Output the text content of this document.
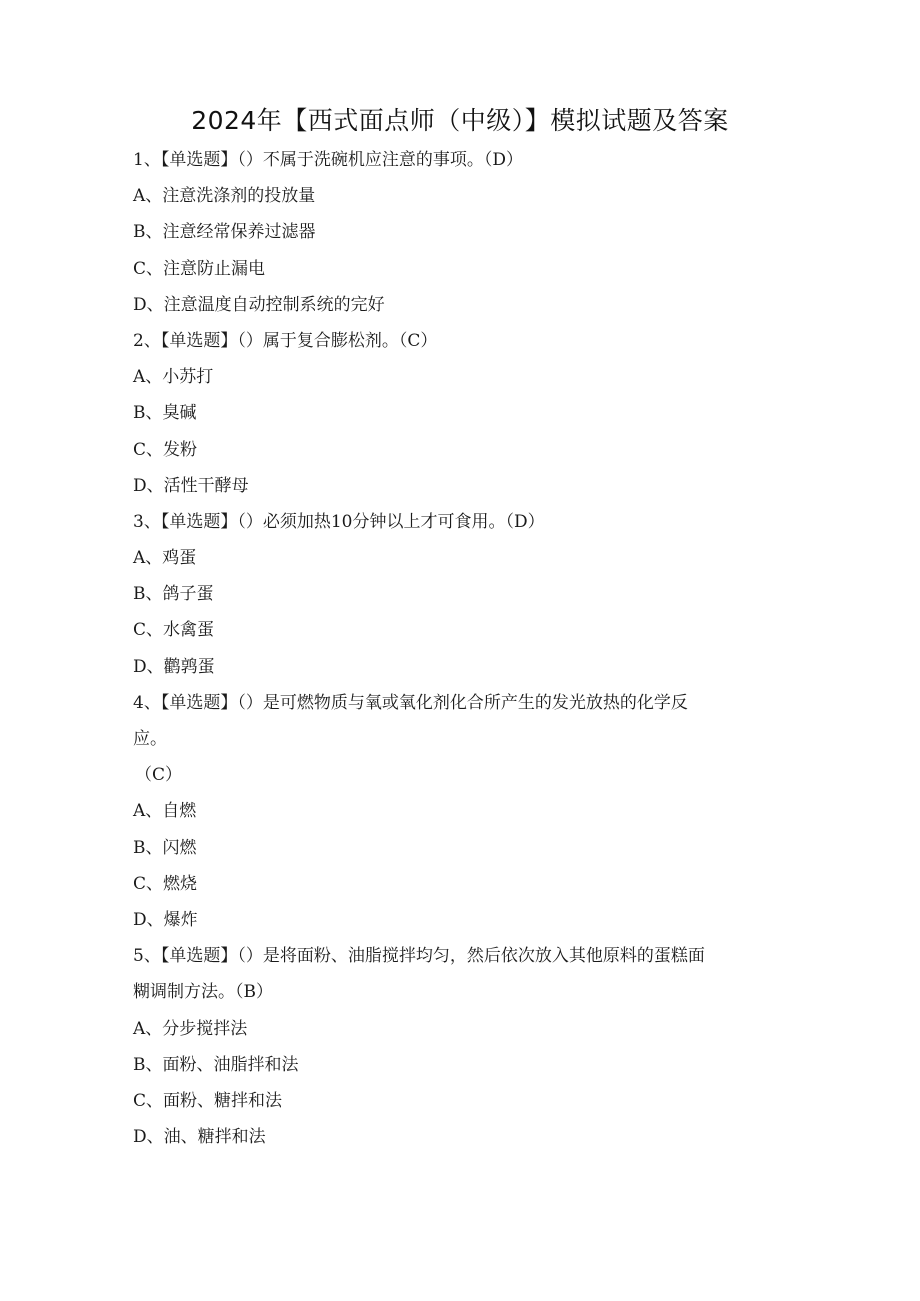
2024年【西式面点师（中级）】模拟试题及答案
1、【单选题】（）不属于洗碗机应注意的事项。（D）
A、注意洗涤剂的投放量
B、注意经常保养过滤器
C、注意防止漏电
D、注意温度自动控制系统的完好
2、【单选题】（）属于复合膨松剂。（C）
A、小苏打
B、臭碱
C、发粉
D、活性干酵母
3、【单选题】（）必须加热10分钟以上才可食用。（D）
A、鸡蛋
B、鸽子蛋
C、水禽蛋
D、鹳鹑蛋
4、【单选题】（）是可燃物质与氧或氧化剂化合所产生的发光放热的化学反
应。
（C）
A、自燃
B、闪燃
C、燃烧
D、爆炸
5、【单选题】（）是将面粉、油脂搅拌均匀，然后依次放入其他原料的蛋糕面
糊调制方法。（B）
A、分步搅拌法
B、面粉、油脂拌和法
C、面粉、糖拌和法
D、油、糖拌和法
